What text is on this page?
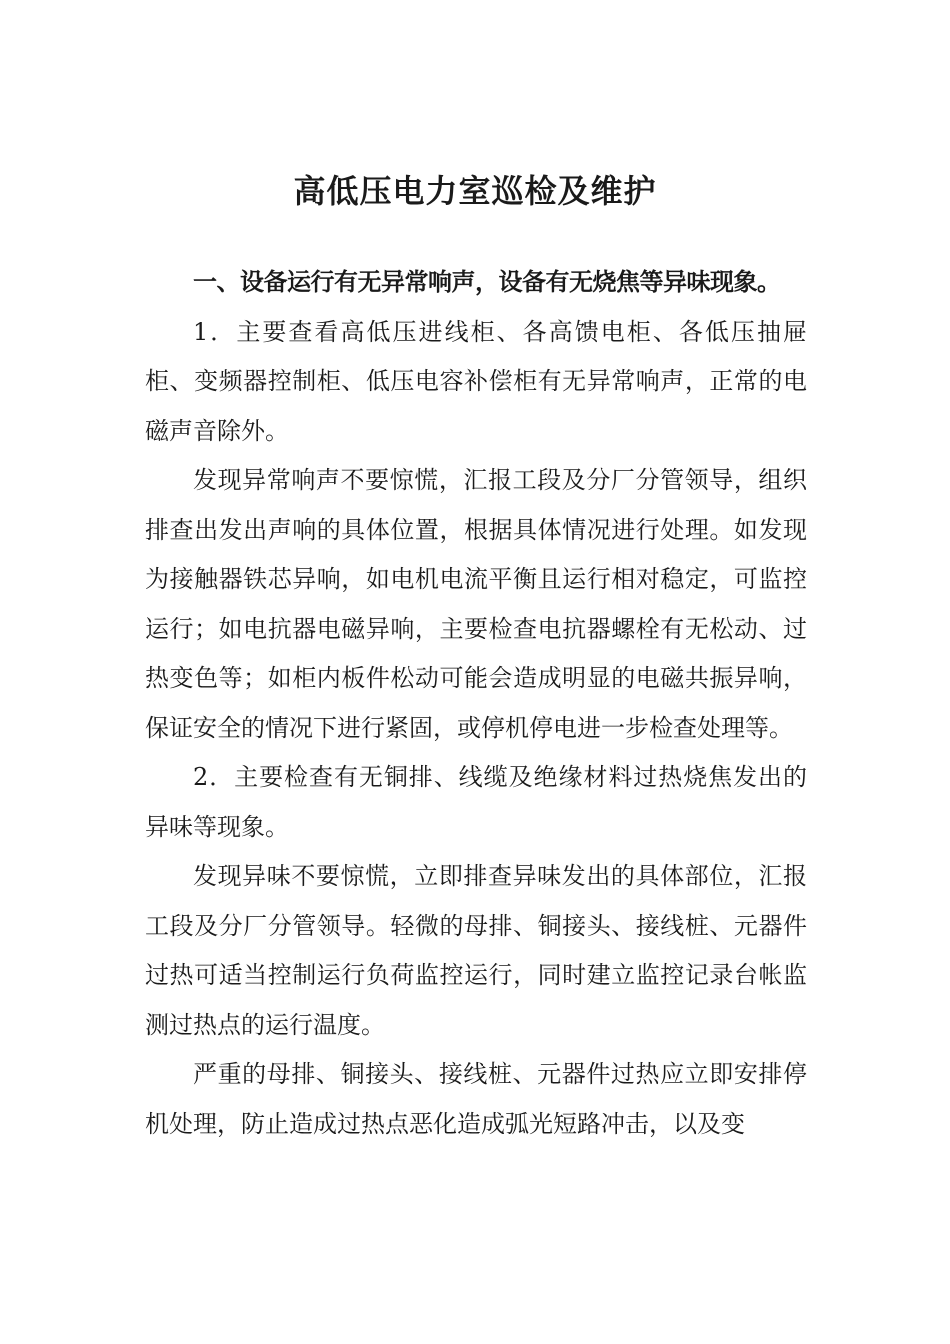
高低压电力室巡检及维护

一、设备运行有无异常响声，设备有无烧焦等异味现象。

1．主要查看高低压进线柜、各高馈电柜、各低压抽屉柜、变频器控制柜、低压电容补偿柜有无异常响声，正常的电磁声音除外。

发现异常响声不要惊慌，汇报工段及分厂分管领导，组织排查出发出声响的具体位置，根据具体情况进行处理。如发现为接触器铁芯异响，如电机电流平衡且运行相对稳定，可监控运行；如电抗器电磁异响，主要检查电抗器螺栓有无松动、过热变色等；如柜内板件松动可能会造成明显的电磁共振异响，保证安全的情况下进行紧固，或停机停电进一步检查处理等。

2．主要检查有无铜排、线缆及绝缘材料过热烧焦发出的异味等现象。

发现异味不要惊慌，立即排查异味发出的具体部位，汇报工段及分厂分管领导。轻微的母排、铜接头、接线桩、元器件过热可适当控制运行负荷监控运行，同时建立监控记录台帐监测过热点的运行温度。

严重的母排、铜接头、接线桩、元器件过热应立即安排停机处理，防止造成过热点恶化造成弧光短路冲击，以及变
